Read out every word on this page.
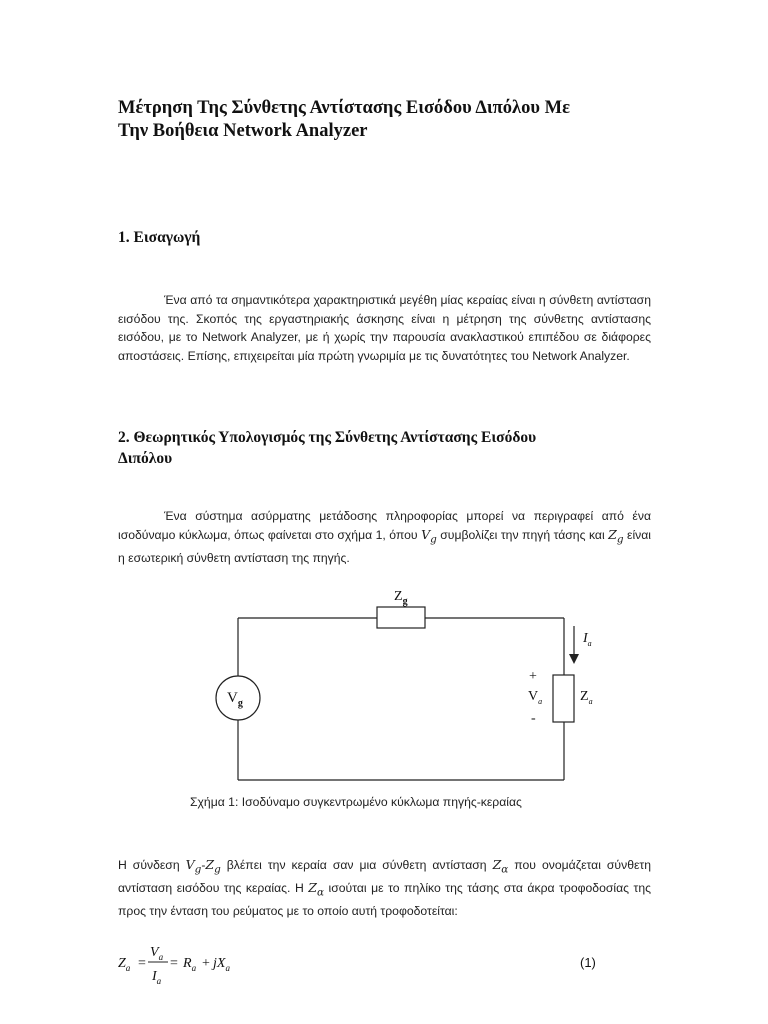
Μέτρηση Της Σύνθετης Αντίστασης Εισόδου Διπόλου Με
Την Βοήθεια Network Analyzer
1. Εισαγωγή
Ένα από τα σημαντικότερα χαρακτηριστικά μεγέθη μίας κεραίας είναι η σύνθετη αντίσταση εισόδου της. Σκοπός της εργαστηριακής άσκησης είναι η μέτρηση της σύνθετης αντίστασης εισόδου, με το Network Analyzer, με ή χωρίς την παρουσία ανακλαστικού επιπέδου σε διάφορες αποστάσεις. Επίσης, επιχειρείται μία πρώτη γνωριμία με τις δυνατότητες του Network Analyzer.
2. Θεωρητικός Υπολογισμός της Σύνθετης Αντίστασης Εισόδου
Διπόλου
Ένα σύστημα ασύρματης μετάδοσης πληροφορίας μπορεί να περιγραφεί από ένα ισοδύναμο κύκλωμα, όπως φαίνεται στο σχήμα 1, όπου $V_g$ συμβολίζει την πηγή τάσης και $Z_g$ είναι η εσωτερική σύνθετη αντίσταση της πηγής.
$Z_g$
$V_g$
$I_a$
+
$V_a$
-
$Z_a$
Σχήμα 1: Ισοδύναμο συγκεντρωμένο κύκλωμα πηγής-κεραίας
Η σύνδεση $V_g-Z_g$ βλέπει την κεραία σαν μια σύνθετη αντίσταση $Z_\alpha$ που ονομάζεται σύνθετη αντίσταση εισόδου της κεραίας. Η $Z_\alpha$ ισούται με το πηλίκο της τάσης στα άκρα τροφοδοσίας της προς την ένταση του ρεύματος με το οποίο αυτή τροφοδοτείται:
$Z_a$ =
$V_a$
$I_a$
= $R_a + jX_a$	(1)
